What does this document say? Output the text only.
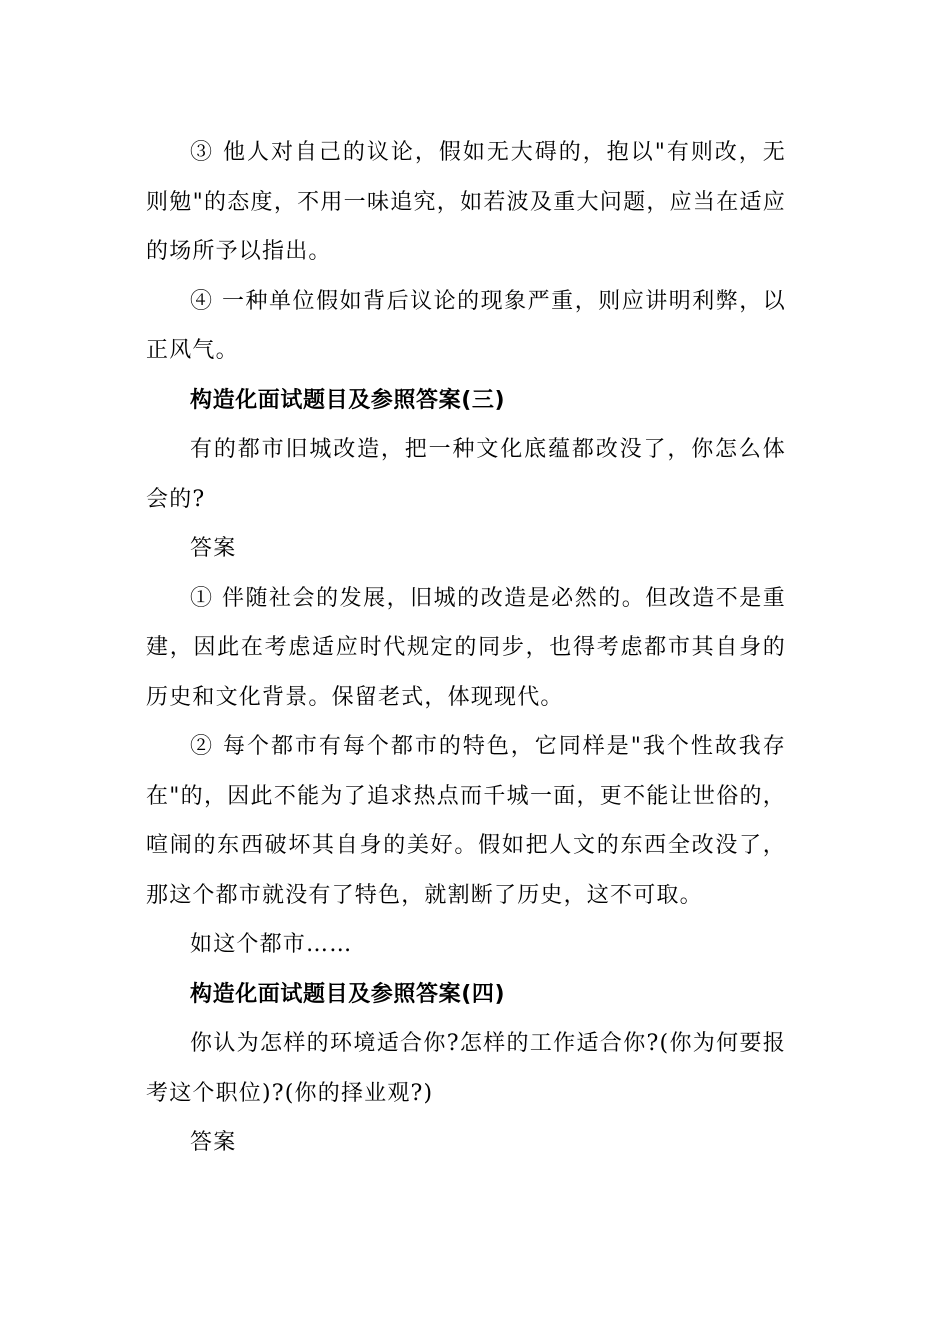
③ 他人对自己的议论，假如无大碍的，抱以"有则改，无则勉"的态度，不用一味追究，如若波及重大问题，应当在适应的场所予以指出。

④ 一种单位假如背后议论的现象严重，则应讲明利弊，以正风气。

构造化面试题目及参照答案(三)

有的都市旧城改造，把一种文化底蕴都改没了，你怎么体会的?

答案

① 伴随社会的发展，旧城的改造是必然的。但改造不是重建，因此在考虑适应时代规定的同步，也得考虑都市其自身的历史和文化背景。保留老式，体现现代。

② 每个都市有每个都市的特色，它同样是"我个性故我存在"的，因此不能为了追求热点而千城一面，更不能让世俗的，喧闹的东西破坏其自身的美好。假如把人文的东西全改没了，那这个都市就没有了特色，就割断了历史，这不可取。

如这个都市……

构造化面试题目及参照答案(四)

你认为怎样的环境适合你?怎样的工作适合你?(你为何要报考这个职位)?(你的择业观?)

答案
